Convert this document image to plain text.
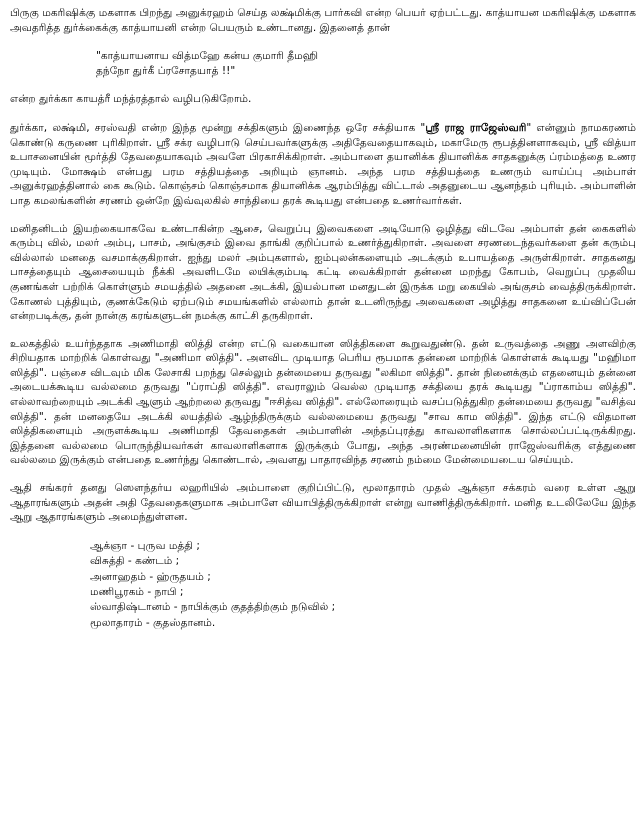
பிருகு மகரிஷிக்கு மகளாக பிறந்து அனுக்ரஹம் செய்த லக்ஷ்மிக்கு பார்கவி என்ற பெயர் ஏற்பட்டது. காத்யாயன மகரிஷிக்கு மகளாக அவதரித்த துர்க்கைக்கு காத்யாயனி என்ற பெயரும் உண்டானது. இதனைத் தான்

"காத்யாயனாய வித்மஹே கன்ய குமாரி தீமஹி
தந்நோ துர்கீ ப்ரசோதயாத் !!"

என்ற துர்க்கா காயத்ரீ மந்த்ரத்தால் வழிபடுகிறோம்.

துர்க்கா, லக்ஷ்மி, சரஸ்வதி என்ற இந்த மூன்று சக்திகளும் இணைந்த ஒரே சக்தியாக "ஸ்ரீ ராஜ ராஜேஸ்வரி" என்னும் நாமகரணம் கொண்டு கருணை புரிகிறாள். ஸ்ரீ சக்ர வழிபாடு செய்பவர்களுக்கு அதிதேவதையாகவும், மகாமேரு ரூபத்தினளாகவும், ஸ்ரீ வித்யா உபாசனையின் மூர்த்தி தேவதையாகவும் அவளே பிரகாசிக்கிறாள். அம்பாளை தயானிக்க தியானிக்க சாதகனுக்கு ப்ரம்மத்தை உணர முடியும். மோக்ஷம் என்பது பரம சத்தியத்தை அறியும் ஞானம். அந்த பரம சத்தியத்தை உணரும் வாய்ப்பு அம்பாள் அனுக்ரஹத்தினால் கை கூடும். கொஞ்சம் கொஞ்சமாக தியானிக்க ஆரம்பித்து விட்டால் அதனுடைய ஆனந்தம் புரியும். அம்பாளின் பாத கமலங்களின் சரணம் ஒன்றே இவ்வுலகில் சாந்தியை தரக் கூடியது என்பதை உணர்வார்கள்.

மனிதனிடம் இயற்கையாகவே உண்டாகின்ற ஆசை, வெறுப்பு இவைகளை அடியோடு ஒழித்து விடவே அம்பாள் தன் கைகளில் கரும்பு வில், மலர் அம்பு, பாசம், அங்குசம் இவை தாங்கி குறிப்பால் உணர்த்துகிறாள். அவளை சரணடைந்தவர்களை தன் கரும்பு வில்லால் மனதை வசமாக்குகிறாள். ஐந்து மலர் அம்புகளால், ஐம்புலன்களையும் அடக்கும் உபாயத்தை அருள்கிறாள். சாதகனது பாசத்தையும் ஆசையையும் நீக்கி அவளிடமே லயிக்கும்படி கட்டி வைக்கிறாள் தன்னை மறந்து கோபம், வெறுப்பு முதலிய குணங்கள் பற்றிக் கொள்ளும் சமயத்தில் அதனை அடக்கி, இயல்பான மனதுடன் இருக்க மறு கையில் அங்குசம் வைத்திருக்கிறாள். கோணல் புத்தியும், குணக்கேடும் ஏற்படும் சமயங்களில் எல்லாம் தான் உடனிருந்து அவைகளை அழித்து சாதகனை உய்விப்பேன் என்றபடிக்கு, தன் நான்கு கரங்களுடன் நமக்கு காட்சி தருகிறாள்.

உலகத்தில் உயர்ந்ததாக அணிமாதி ஸித்தி என்ற எட்டு வகையான ஸித்திகளை கூறுவதுண்டு. தன் உருவத்தை அணு அளவிற்கு சிறியதாக மாற்றிக் கொள்வது "அணிமா ஸித்தி". அளவிட முடியாத பெரிய ரூபமாக தன்னை மாற்றிக் கொள்ளக் கூடியது "மஹிமா ஸித்தி". பஞ்சை விடவும் மிக லேசாகி பறந்து செல்லும் தன்மையை தருவது "லகிமா ஸித்தி". தான் நினைக்கும் எதனையும் தன்னை அடையக்கூடிய வல்லமை தருவது "ப்ராப்தி ஸித்தி". எவராலும் வெல்ல முடியாத சக்தியை தரக் கூடியது "ப்ராகாம்ய ஸித்தி". எல்லாவற்றையும் அடக்கி ஆளும் ஆற்றலை தருவது "ஈசித்வ ஸித்தி". எல்லோரையும் வசப்படுத்துகிற தன்மையை தருவது "வசித்வ ஸித்தி". தன் மனதையே அடக்கி லயத்தில் ஆழ்ந்திருக்கும் வல்லமையை தருவது "சாவ காம ஸித்தி". இந்த எட்டு விதமான ஸித்திகளையும் அருளக்கூடிய அணிமாதி தேவதைகள் அம்பாளின் அந்தப்புரத்து காவலாளிகளாக சொல்லப்பட்டிருக்கிறது. இத்தனை வல்லமை பொருந்தியவர்கள் காவலாளிகளாக இருக்கும் போது, அந்த அரண்மனையின் ராஜேஸ்வரிக்கு எத்துணை வல்லமை இருக்கும் என்பதை உணர்ந்து கொண்டால், அவளது பாதாரவிந்த சரணம் நம்மை மேன்மையடைய செய்யும்.

ஆதி சங்கரர் தனது ஸௌந்தர்ய லஹரியில் அம்பாளை குறிப்பிட்டு, மூலாதாரம் முதல் ஆக்ஞா சக்கரம் வரை உள்ள ஆறு ஆதாரங்களும் அதன் அதி தேவதைகளுமாக அம்பாளே வியாபித்திருக்கிறாள் என்று வாணித்திருக்கிறார். மனித உடலிலேயே இந்த ஆறு ஆதாரங்களும் அமைந்துள்ளன.

ஆக்ஞா - புருவ மத்தி ;
விசுத்தி - கண்டம் ;
அனாஹதம் - ஹ்ருதயம் ;
மணிபூரகம் - நாபி ;
ஸ்வாதிஷ்டானம் - நாபிக்கும் குதத்திற்கும் நடுவில் ;
மூலாதாரம் - குதஸ்தானம்.
